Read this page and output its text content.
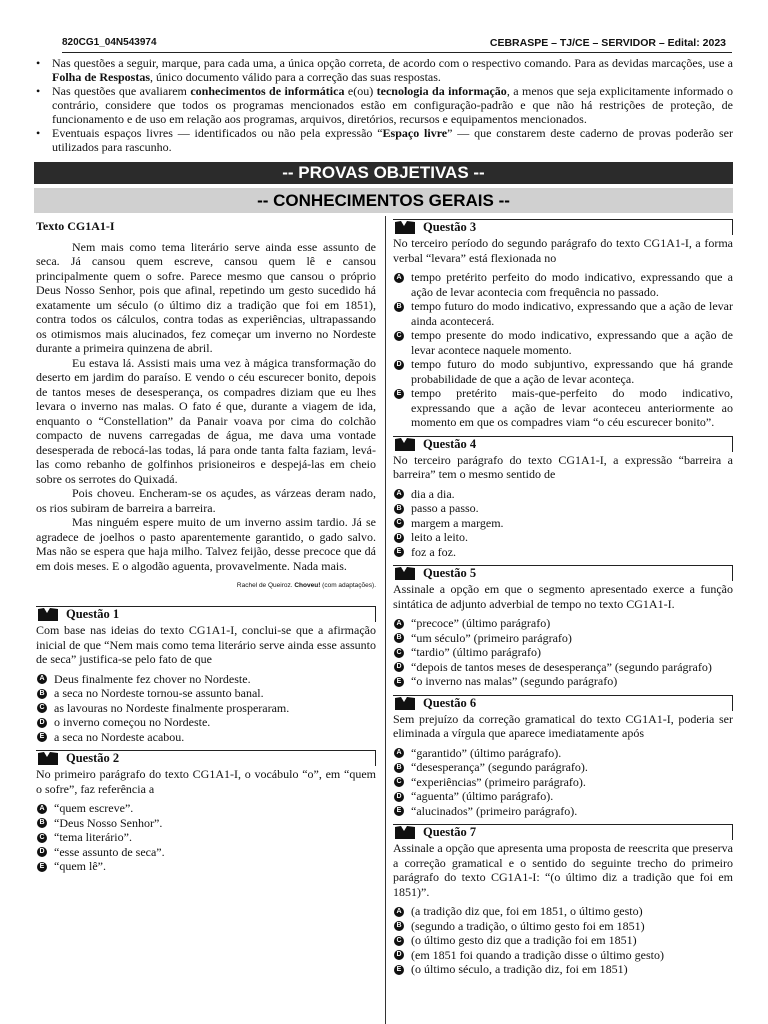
820CG1_04N543974	CEBRASPE – TJ/CE – SERVIDOR – Edital: 2023
• Nas questões a seguir, marque, para cada uma, a única opção correta, de acordo com o respectivo comando. Para as devidas marcações, use a Folha de Respostas, único documento válido para a correção das suas respostas.
• Nas questões que avaliarem conhecimentos de informática e(ou) tecnologia da informação, a menos que seja explicitamente informado o contrário, considere que todos os programas mencionados estão em configuração-padrão e que não há restrições de proteção, de funcionamento e de uso em relação aos programas, arquivos, diretórios, recursos e equipamentos mencionados.
• Eventuais espaços livres — identificados ou não pela expressão “Espaço livre” — que constarem deste caderno de provas poderão ser utilizados para rascunho.
-- PROVAS OBJETIVAS --
-- CONHECIMENTOS GERAIS --

Texto CG1A1-I

Nem mais como tema literário serve ainda esse assunto de seca. Já cansou quem escreve, cansou quem lê e cansou principalmente quem o sofre. Parece mesmo que cansou o próprio Deus Nosso Senhor, pois que afinal, repetindo um gesto sucedido há exatamente um século (o último diz a tradição que foi em 1851), contra todos os cálculos, contra todas as experiências, ultrapassando os otimismos mais alucinados, fez começar um inverno no Nordeste durante a primeira quinzena de abril.

Eu estava lá. Assisti mais uma vez à mágica transformação do deserto em jardim do paraíso. E vendo o céu escurecer bonito, depois de tantos meses de desesperança, os compadres diziam que eu lhes levara o inverno nas malas. O fato é que, durante a viagem de ida, enquanto o “Constellation” da Panair voava por cima do colchão compacto de nuvens carregadas de água, me dava uma vontade desesperada de rebocá-las todas, lá para onde tanta falta faziam, levá-las como rebanho de golfinhos prisioneiros e despejá-las em cheio sobre os serrotes do Quixadá.

Pois choveu. Encheram-se os açudes, as várzeas deram nado, os rios subiram de barreira a barreira.

Mas ninguém espere muito de um inverno assim tardio. Já se agradece de joelhos o pasto aparentemente garantido, o gado salvo. Mas não se espera que haja milho. Talvez feijão, desse precoce que dá em dois meses. E o algodão aguenta, provavelmente. Nada mais.

Rachel de Queiroz. Choveu! (com adaptações).
Questão 1

Com base nas ideias do texto CG1A1-I, conclui-se que a afirmação inicial de que “Nem mais como tema literário serve ainda esse assunto de seca” justifica-se pelo fato de que

A Deus finalmente fez chover no Nordeste.
B a seca no Nordeste tornou-se assunto banal.
C as lavouras no Nordeste finalmente prosperaram.
D o inverno começou no Nordeste.
E a seca no Nordeste acabou.
Questão 2

No primeiro parágrafo do texto CG1A1-I, o vocábulo “o”, em “quem o sofre”, faz referência a

A “quem escreve”.
B “Deus Nosso Senhor”.
C “tema literário”.
D “esse assunto de seca”.
E “quem lê”.
Questão 3

No terceiro período do segundo parágrafo do texto CG1A1-I, a forma verbal “levara” está flexionada no

A tempo pretérito perfeito do modo indicativo, expressando que a ação de levar acontecia com frequência no passado.
B tempo futuro do modo indicativo, expressando que a ação de levar ainda acontecerá.
C tempo presente do modo indicativo, expressando que a ação de levar acontece naquele momento.
D tempo futuro do modo subjuntivo, expressando que há grande probabilidade de que a ação de levar aconteça.
E tempo pretérito mais-que-perfeito do modo indicativo, expressando que a ação de levar aconteceu anteriormente ao momento em que os compadres viam “o céu escurecer bonito”.
Questão 4

No terceiro parágrafo do texto CG1A1-I, a expressão “barreira a barreira” tem o mesmo sentido de

A dia a dia.
B passo a passo.
C margem a margem.
D leito a leito.
E foz a foz.
Questão 5

Assinale a opção em que o segmento apresentado exerce a função sintática de adjunto adverbial de tempo no texto CG1A1-I.

A “precoce” (último parágrafo)
B “um século” (primeiro parágrafo)
C “tardio” (último parágrafo)
D “depois de tantos meses de desesperança” (segundo parágrafo)
E “o inverno nas malas” (segundo parágrafo)
Questão 6

Sem prejuízo da correção gramatical do texto CG1A1-I, poderia ser eliminada a vírgula que aparece imediatamente após

A “garantido” (último parágrafo).
B “desesperança” (segundo parágrafo).
C “experiências” (primeiro parágrafo).
D “aguenta” (último parágrafo).
E “alucinados” (primeiro parágrafo).
Questão 7

Assinale a opção que apresenta uma proposta de reescrita que preserva a correção gramatical e o sentido do seguinte trecho do primeiro parágrafo do texto CG1A1-I: “(o último diz a tradição que foi em 1851)”.

A (a tradição diz que, foi em 1851, o último gesto)
B (segundo a tradição, o último gesto foi em 1851)
C (o último gesto diz que a tradição foi em 1851)
D (em 1851 foi quando a tradição disse o último gesto)
E (o último século, a tradição diz, foi em 1851)
